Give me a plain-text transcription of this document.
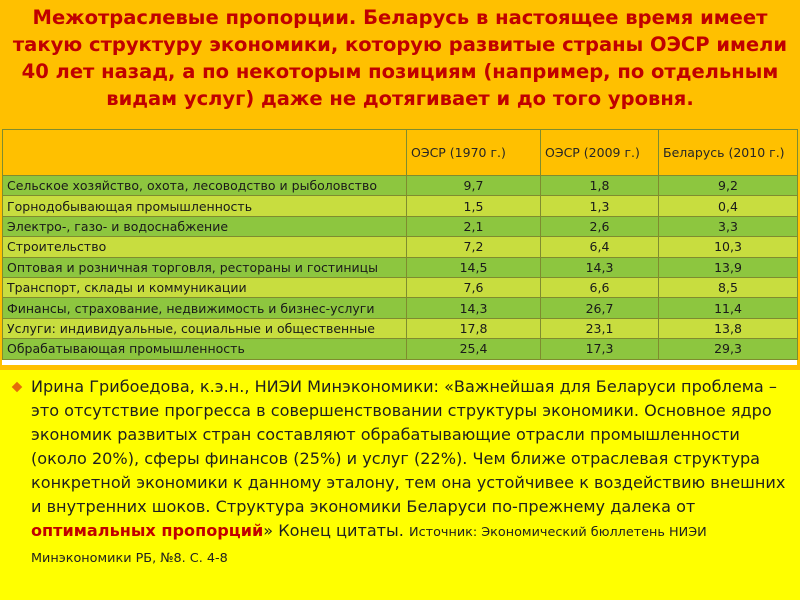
Межотраслевые пропорции. Беларусь в настоящее время имеет такую структуру экономики, которую развитые страны ОЭСР имели 40 лет назад, а по некоторым позициям (например, по отдельным видам услуг) даже не дотягивает и до того уровня.
	ОЭСР (1970 г.)	ОЭСР (2009 г.)	Беларусь (2010 г.)
Сельское хозяйство, охота, лесоводство и рыболовство	9,7	1,8	9,2
Горнодобывающая промышленность	1,5	1,3	0,4
Электро-, газо- и водоснабжение	2,1	2,6	3,3
Строительство	7,2	6,4	10,3
Оптовая и розничная торговля, рестораны и гостиницы	14,5	14,3	13,9
Транспорт, склады и коммуникации	7,6	6,6	8,5
Финансы, страхование, недвижимость и бизнес-услуги	14,3	26,7	11,4
Услуги: индивидуальные, социальные и общественные	17,8	23,1	13,8
Обрабатывающая промышленность	25,4	17,3	29,3
Ирина Грибоедова, к.э.н., НИЭИ Минэкономики: «Важнейшая для Беларуси проблема – это отсутствие прогресса в совершенствовании структуры экономики. Основное ядро экономик развитых стран составляют обрабатывающие отрасли промышленности (около 20%), сферы финансов (25%) и услуг (22%). Чем ближе отраслевая структура конкретной экономики к данному эталону, тем она устойчивее к воздействию внешних и внутренних шоков. Структура экономики Беларуси по-прежнему далека от оптимальных пропорций» Конец цитаты. Источник: Экономический бюллетень НИЭИ Минэкономики РБ, №8. С. 4-8
